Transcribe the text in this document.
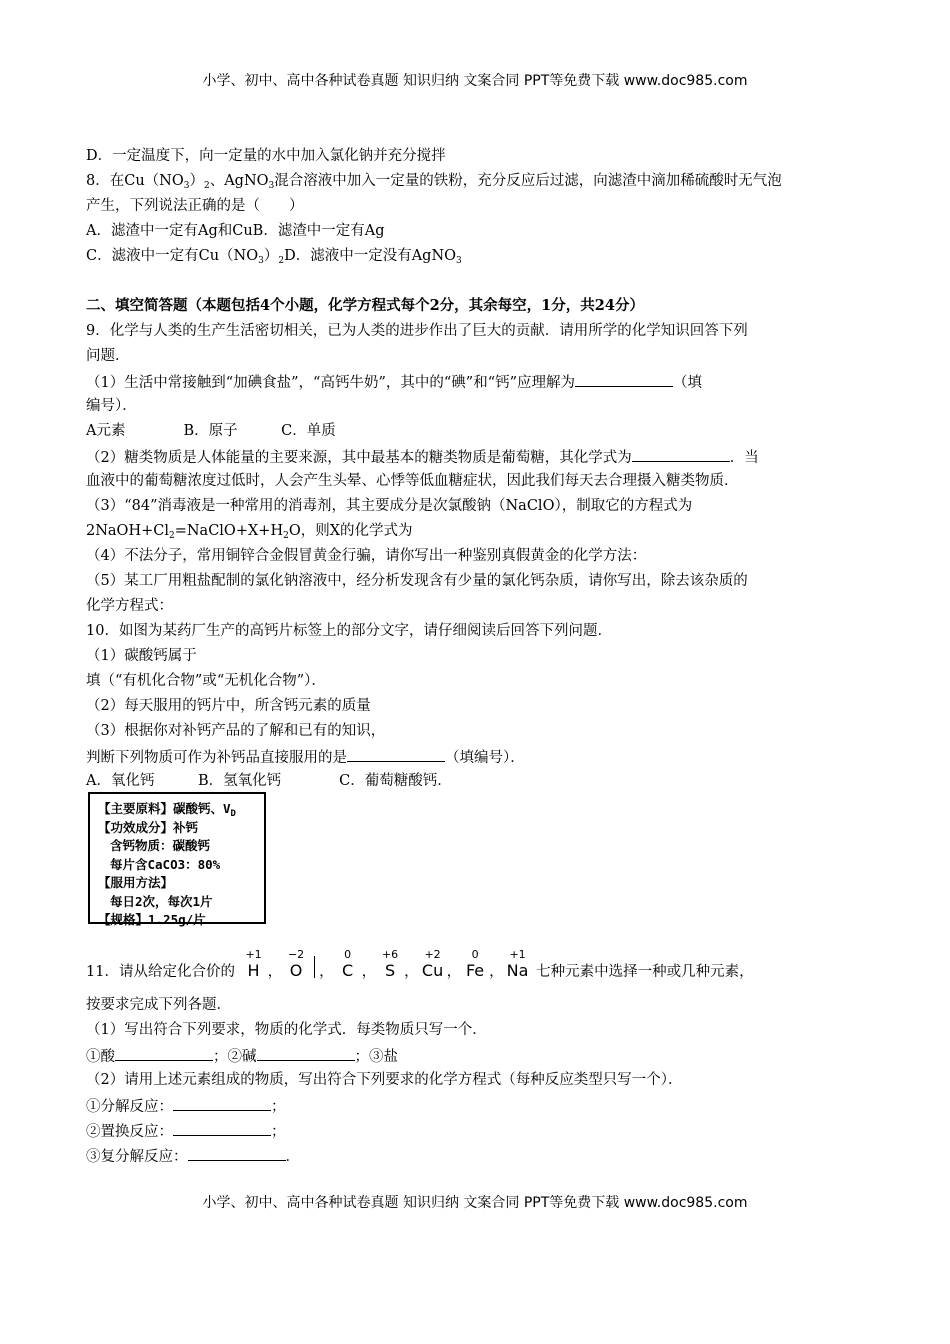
小学、初中、高中各种试卷真题 知识归纳 文案合同 PPT等免费下载 www.doc985.com
D．一定温度下，向一定量的水中加入氯化钠并充分搅拌
8．在$Cu(NO_3)_2$、AgNO$_3$混合溶液中加入一定量的铁粉，充分反应后过滤，向滤渣中滴加稀硫酸时无气泡
产生，下列说法正确的是（　　）
A．滤渣中一定有Ag和CuB．滤渣中一定有Ag
C．滤液中一定有$Cu(NO_3)_2D$．滤液中一定没有AgNO$_3$
二、填空简答题（本题包括4个小题，化学方程式每个2分，其余每空，1分，共24分）
9．化学与人类的生产生活密切相关，已为人类的进步作出了巨大的贡献．请用所学的化学知识回答下列
问题．
（1）生活中常接触到“加碘食盐”，“高钙牛奶”，其中的“碘”和“钙”应理解为	（填
编号）．
A元素　　　　B．原子　　　C．单质
（2）糖类物质是人体能量的主要来源，其中最基本的糖类物质是葡萄糖，其化学式为	．当
血液中的葡萄糖浓度过低时，人会产生头晕、心悸等低血糖症状，因此我们每天去合理摄入糖类物质．
（3）“84”消毒液是一种常用的消毒剂，其主要成分是次氯酸钠（NaClO），制取它的方程式为
$2NaOH+Cl_2=NaClO+X+H_2O$，则X的化学式为
（4）不法分子，常用铜锌合金假冒黄金行骗，请你写出一种鉴别真假黄金的化学方法：
（5）某工厂用粗盐配制的氯化钠溶液中，经分析发现含有少量的氯化钙杂质，请你写出，除去该杂质的
化学方程式：
10．如图为某药厂生产的高钙片标签上的部分文字，请仔细阅读后回答下列问题．
（1）碳酸钙属于
填（“有机化合物”或“无机化合物”）．
（2）每天服用的钙片中，所含钙元素的质量
（3）根据你对补钙产品的了解和已有的知识，
判断下列物质可作为补钙品直接服用的是	（填编号）．
A．氧化钙　　　B．氢氧化钙　　　　C．葡萄糖酸钙．
【主要原料】碳酸钙、$V_D$
【功效成分】补钙
含钙物质：碳酸钙
每片含CaCO3：80%
【服用方法】
每日2次，每次1片
【规格】1.25g/片
11．请从给定化合价的
+1
H ，
−2
O ，
0
C ，
+6
S ，
+2
Cu ，
0
Fe ，
+1
Na 七种元素中选择一种或几种元素，
按要求完成下列各题．
（1）写出符合下列要求，物质的化学式．每类物质只写一个．
①酸	；②碱	；③盐
（2）请用上述元素组成的物质，写出符合下列要求的化学方程式（每种反应类型只写一个）．
①分解反应：	；
②置换反应：	；
③复分解反应：	．
小学、初中、高中各种试卷真题 知识归纳 文案合同 PPT等免费下载 www.doc985.com
